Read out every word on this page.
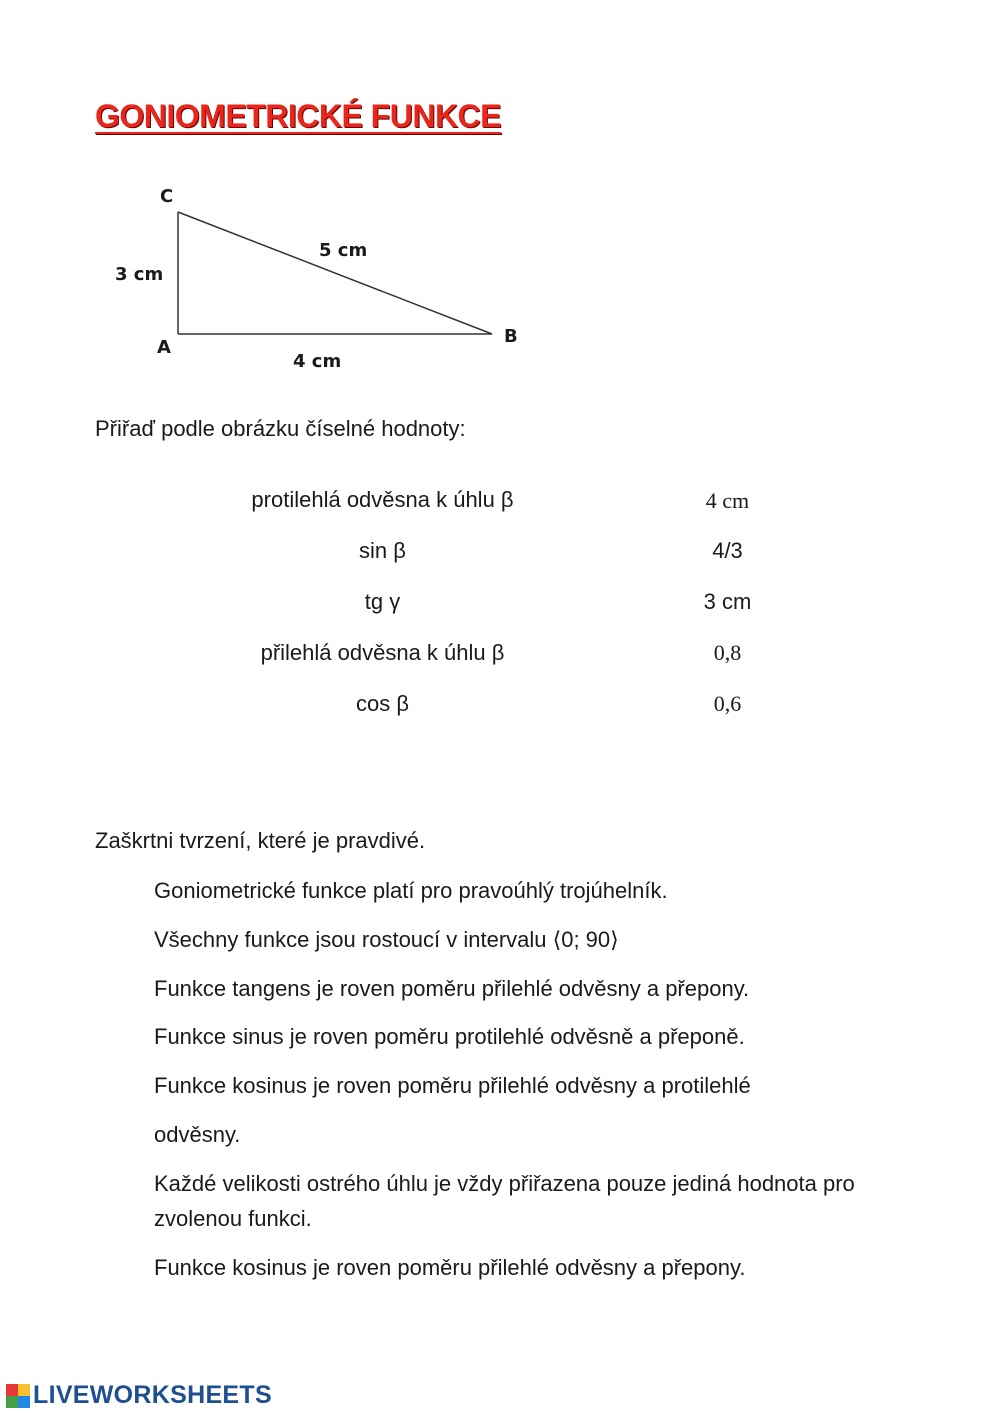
GONIOMETRICKÉ FUNKCE
C
A
B
3 cm
5 cm
4 cm
Přiřaď podle obrázku číselné hodnoty:
protilehlá odvěsna k úhlu β
sin β
tg γ
přilehlá odvěsna k úhlu β
cos β
4 cm
4/3
3 cm
0,8
0,6
Zaškrtni tvrzení, které je pravdivé.
Goniometrické funkce platí pro pravoúhlý trojúhelník.
Všechny funkce jsou rostoucí v intervalu ⟨0; 90⟩
Funkce tangens je roven poměru přilehlé odvěsny a přepony.
Funkce sinus je roven poměru protilehlé odvěsně a přeponě.
Funkce kosinus je roven poměru přilehlé odvěsny a protilehlé
odvěsny.
Každé velikosti ostrého úhlu je vždy přiřazena pouze jediná hodnota pro zvolenou funkci.
Funkce kosinus je roven poměru přilehlé odvěsny a přepony.
LIVEWORKSHEETS
